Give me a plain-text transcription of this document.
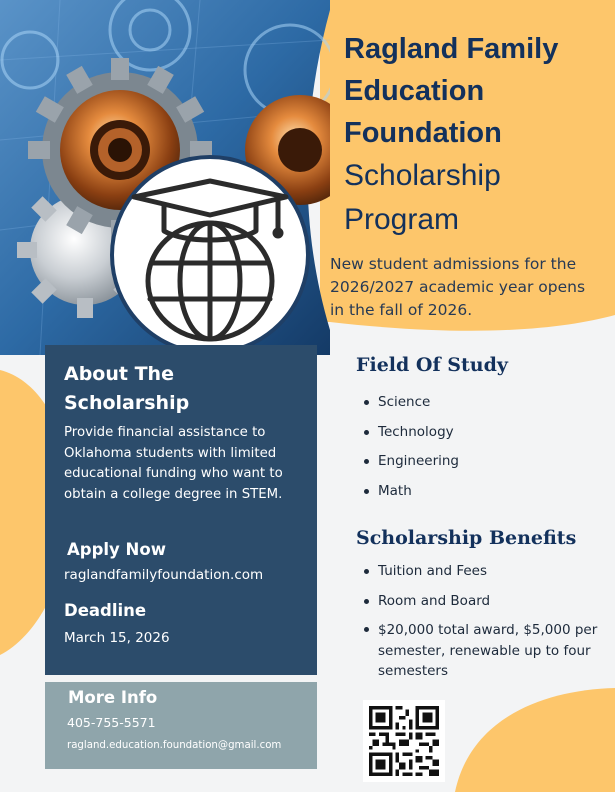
Ragland Family
Education
Foundation
Scholarship
Program
New student admissions for the 2026/2027 academic year opens in the fall of 2026.
About The
Scholarship
Provide financial assistance to Oklahoma students with limited educational funding who want to obtain a college degree in STEM.
Apply Now
raglandfamilyfoundation.com
Deadline
March 15, 2026
More Info
405-755-5571
ragland.education.foundation@gmail.com
Field Of Study
Science
Technology
Engineering
Math
Scholarship Benefits
Tuition and Fees
Room and Board
$20,000 total award, $5,000 per semester, renewable up to four semesters
